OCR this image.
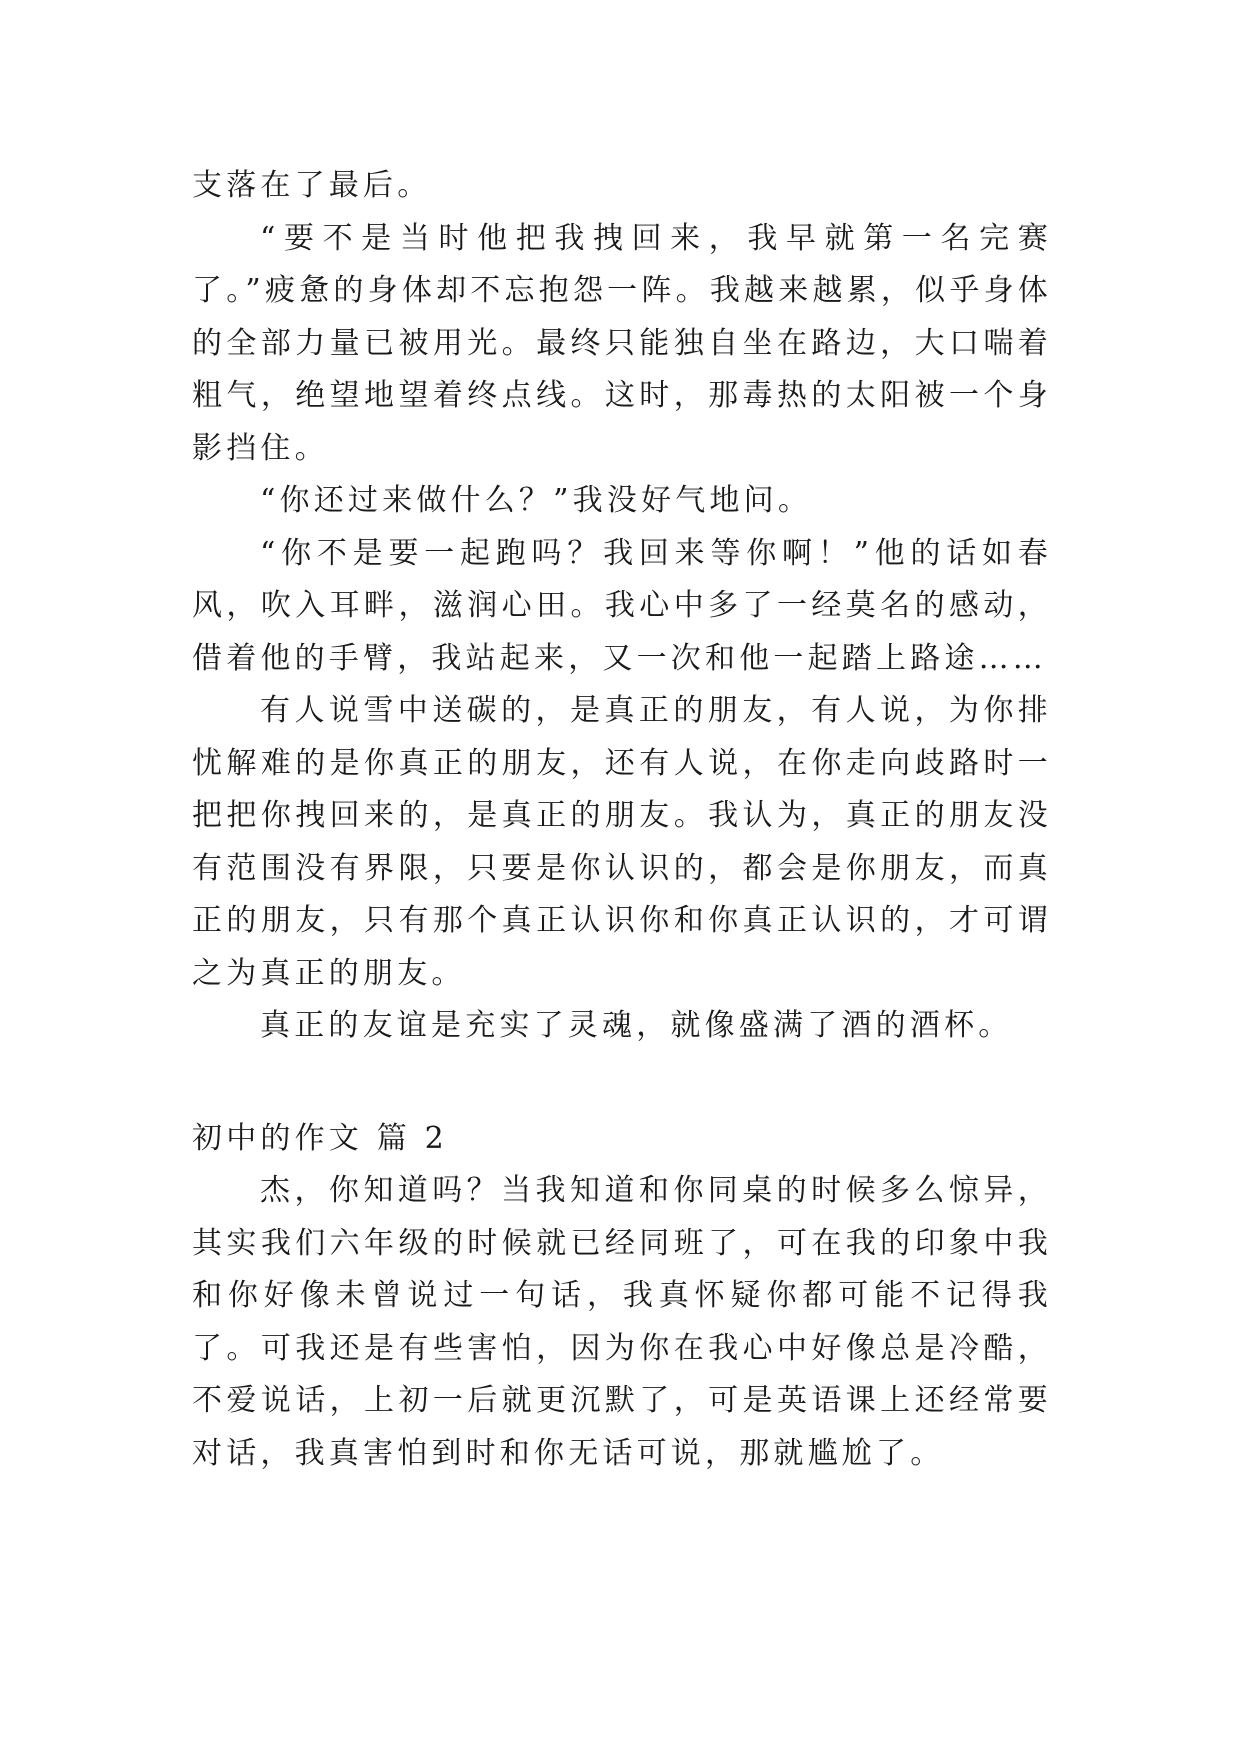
支落在了最后。

“要不是当时他把我拽回来，我早就第一名完赛了。”疲惫的身体却不忘抱怨一阵。我越来越累，似乎身体的全部力量已被用光。最终只能独自坐在路边，大口喘着粗气，绝望地望着终点线。这时，那毒热的太阳被一个身影挡住。

“你还过来做什么？”我没好气地问。

“你不是要一起跑吗？我回来等你啊！”他的话如春风，吹入耳畔，滋润心田。我心中多了一经莫名的感动，借着他的手臂，我站起来，又一次和他一起踏上路途……

有人说雪中送碳的，是真正的朋友，有人说，为你排忧解难的是你真正的朋友，还有人说，在你走向歧路时一把把你拽回来的，是真正的朋友。我认为，真正的朋友没有范围没有界限，只要是你认识的，都会是你朋友，而真正的朋友，只有那个真正认识你和你真正认识的，才可谓之为真正的朋友。

真正的友谊是充实了灵魂，就像盛满了酒的酒杯。

初中的作文 篇 2

杰，你知道吗？当我知道和你同桌的时候多么惊异，其实我们六年级的时候就已经同班了，可在我的印象中我和你好像未曾说过一句话，我真怀疑你都可能不记得我了。可我还是有些害怕，因为你在我心中好像总是冷酷，不爱说话，上初一后就更沉默了，可是英语课上还经常要对话，我真害怕到时和你无话可说，那就尴尬了。
